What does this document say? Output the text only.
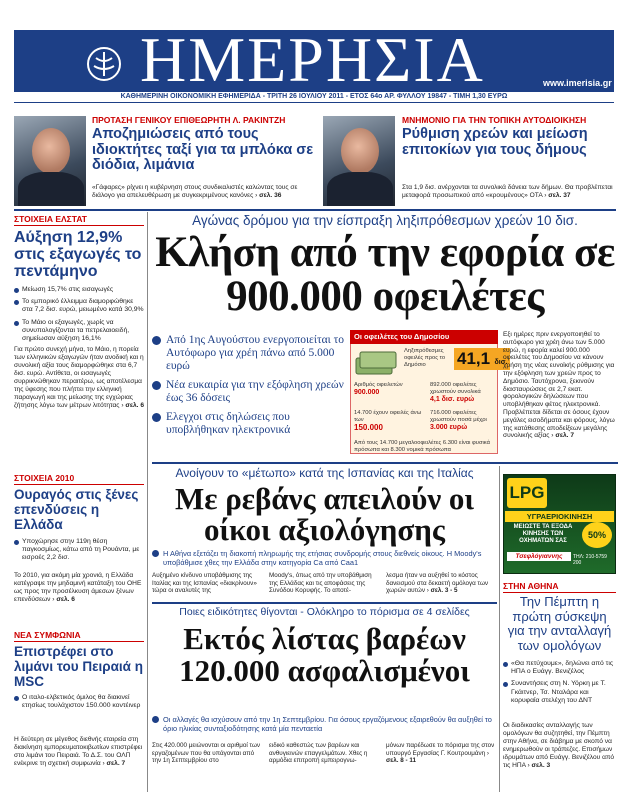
ΗΜΕΡΗΣΙΑ	www.imerisia.gr
ΚΑΘΗΜΕΡΙΝΗ ΟΙΚΟΝΟΜΙΚΗ ΕΦΗΜΕΡΙΔΑ - ΤΡΙΤΗ 26 ΙΟΥΛΙΟΥ 2011 - ΕΤΟΣ 64ο ΑΡ. ΦΥΛΛΟΥ 19847 - ΤΙΜΗ 1,30 ΕΥΡΩ
ΠΡΟΤΑΣΗ ΓΕΝΙΚΟΥ ΕΠΙΘΕΩΡΗΤΗ Λ. ΡΑΚΙΝΤΖΗ
Αποζημιώσεις από τους ιδιοκτήτες ταξί για τα μπλόκα σε διόδια, λιμάνια
«Γάφαρες» ρίχνει η κυβέρνηση στους συνδικαλιστές καλώντας τους σε διάλογο για απελευθέρωση με συγκεκριμένους κανόνες › σελ. 36
ΜΝΗΜΟΝΙΟ ΓΙΑ ΤΗΝ ΤΟΠΙΚΗ ΑΥΤΟΔΙΟΙΚΗΣΗ
Ρύθμιση χρεών και μείωση επιτοκίων για τους δήμους
Στα 1,9 δισ. ανέρχονται τα συνολικά δάνεια των δήμων. Θα προβλέπεται μεταφορά προσωπικού από «κρουμένους» ΟΤΑ › σελ. 37
ΣΤΟΙΧΕΙΑ ΕΛΣΤΑΤ
Αύξηση 12,9% στις εξαγωγές το πεντάμηνο
Μείωση 15,7% στις εισαγωγές
Το εμπορικό έλλειμμα διαμορφώθηκε στα 7,2 δισ. ευρώ, μειωμένο κατά 30,9%
Το Μάιο οι εξαγωγές, χωρίς να συνυπολογίζονται τα πετρελαιοειδή, σημείωσαν αύξηση 16,1%
Για πρώτο συνεχή μήνα, το Μάιο, η πορεία των ελληνικών εξαγωγών ήταν ανοδική και η συνολική αξία τους διαμορφώθηκε στα 6,7 δισ. ευρώ. Αντίθετα, οι εισαγωγές συρρικνώθηκαν περαιτέρω, ως αποτέλεσμα της ύφεσης που πλήττει την ελληνική παραγωγή και της μείωσης της εγχώριας ζήτησης λόγω των μέτρων λιτότητας › σελ. 6
ΣΤΟΙΧΕΙΑ 2010
Ουραγός στις ξένες επενδύσεις η Ελλάδα
Υποχώρησε στην 119η θέση παγκοσμίως, κάτω από τη Ρουάντα, με εισροές 2,2 δισ.
Το 2010, για ακόμη μία χρονιά, η Ελλάδα κατέγραψε την μηδαμινή κατάταξη του ΟΗΕ ως προς την προσέλκυση άμεσων ξένων επενδύσεων › σελ. 6
ΝΕΑ ΣΥΜΦΩΝΙΑ
Επιστρέφει στο λιμάνι του Πειραιά η MSC
Ο ιταλο-ελβετικός όμιλος θα διακινεί ετησίως τουλάχιστον 150.000 κοντέινερ
Η δεύτερη σε μέγεθος διεθνής εταιρεία στη διακίνηση εμπορευματοκιβωτίων επιστρέφει στο λιμάνι του Πειραιά. Το Δ.Σ. του ΟΛΠ ενέκρινε τη σχετική συμφωνία › σελ. 7
Αγώνας δρόμου για την είσπραξη ληξιπρόθεσμων χρεών 10 δισ.
Κλήση από την εφορία σε 900.000 οφειλέτες
Από 1ης Αυγούστου ενεργοποιείται το Αυτόφωρο για χρέη πάνω από 5.000 ευρώ
Νέα ευκαιρία για την εξόφληση χρεών έως 36 δόσεις
Ελεγχοι στις δηλώσεις που υποβλήθηκαν ηλεκτρονικά
Οι οφειλέτες του Δημοσίου
Ληξιπρόθεσμες οφειλές προς το Δημόσιο	41,1 δισ.
Αριθμός οφειλετών
900.000
892.000 οφειλέτες χρωστούν συνολικά
4,1 δισ. ευρώ
14.700 έχουν οφειλές άνω των
150.000
716.000 οφειλέτες χρωστούν ποσά μέχρι
3.000 ευρώ
Από τους 14.700 μεγαλοοφειλέτες 6.300 είναι φυσικά πρόσωπα και 8.300 νομικά πρόσωπα
Εξι ημέρες πριν ενεργοποιηθεί το αυτόφωρο για χρέη άνω των 5.000 ευρώ, η εφορία καλεί 900.000 οφειλέτες του Δημοσίου να κάνουν χρήση της νέας ευνοϊκής ρύθμισης για την εξόφληση των χρεών προς το Δημόσιο. Ταυτόχρονα, ξεκινούν διασταυρώσεις σε 2,7 εκατ. φορολογικών δηλώσεων που υποβλήθηκαν φέτος ηλεκτρονικά. Προβλέπεται δίδεται σε όσους έχουν μεγάλες εισοδήματα και φόρους, λόγω της κατάθεσης απoδείξεων μεγάλης συνολικής αξίας › σελ. 7
Ανοίγουν το «μέτωπο» κατά της Ισπανίας και της Ιταλίας
Με ρεβάνς απειλούν οι οίκοι αξιολόγησης
Η Αθήνα εξετάζει τη διακοπή πληρωμής της ετήσιας συνδρομής στους διεθνείς οίκους. Η Moody's υποβάθμισε χθες την Ελλάδα στην κατηγορία Ca από Caa1
Αυξημένο κίνδυνο υποβάθμισης της Ιταλίας και της Ισπανίας «διακρίνουν» τώρα οι αναλυτές της
Moody's, όπως από την υποβάθμιση της Ελλάδας και τις αποφάσεις της Συνόδου Κορυφής. Το αποτέ-
λεσμα ήταν να αυξηθεί το κόστος δανεισμού στα δεκαετή ομόλογα των χωρών αυτών › σελ. 3 - 5
LPG
ΥΓΡΑΕΡΙΟΚΙΝΗΣΗ
ΜΕΙΩΣΤΕ ΤΑ ΕΞΟΔΑ ΚΙΝΗΣΗΣ ΤΩΝ ΟΧΗΜΑΤΩΝ ΣΑΣ
50%
Τσεφλόγιαννης	ΤΗΛ: 210-5759 200
ΣΤΗΝ ΑΘΗΝΑ
Την Πέμπτη η πρώτη σύσκεψη για την ανταλλαγή των ομολόγων
«Θα πετύχουμε», δηλώνει από τις ΗΠΑ ο Ευάγγ. Βενιζέλος
Συναντήσεις στη Ν. Υόρκη με Τ. Γκάιτνερ, Τσ. Νταλάρα και κορυφαία στελέχη του ΔΝΤ
Οι διαδικασίες ανταλλαγής των ομολόγων θα συζητηθεί, την Πέμπτη στην Αθήνα, σε διάβημα με σκοπό να ενημερωθούν οι τράπεζες. Επισήμων ιδρυμάτων από Ευάγγ. Βενιζέλου από τις ΗΠΑ › σελ. 3
Ποιες ειδικότητες θίγονται - Ολόκληρο το πόρισμα σε 4 σελίδες
Εκτός λίστας βαρέων 120.000 ασφαλισμένοι
Οι αλλαγές θα ισχύσουν από την 1η Σεπτεμβρίου. Για όσους εργαζόμενους εξαιρεθούν θα αυξηθεί το όριο ηλικίας συνταξιοδότησης κατά μία πενταετία
Στις 420.000 μειώνονται οι αριθμοί των εργαζομένων που θα υπάγονται από την 1η Σεπτεμβρίου στο
ειδικό καθεστώς των βαρέων και ανθυγιεινών επαγγελμάτων. Χθες η αρμόδια επιτροπή εμπειρογνω-
μόνων παρέδωσε το πόρισμα της στον υπουργό Εργασίας Γ. Κουτρουμάνη › σελ. 8 - 11
